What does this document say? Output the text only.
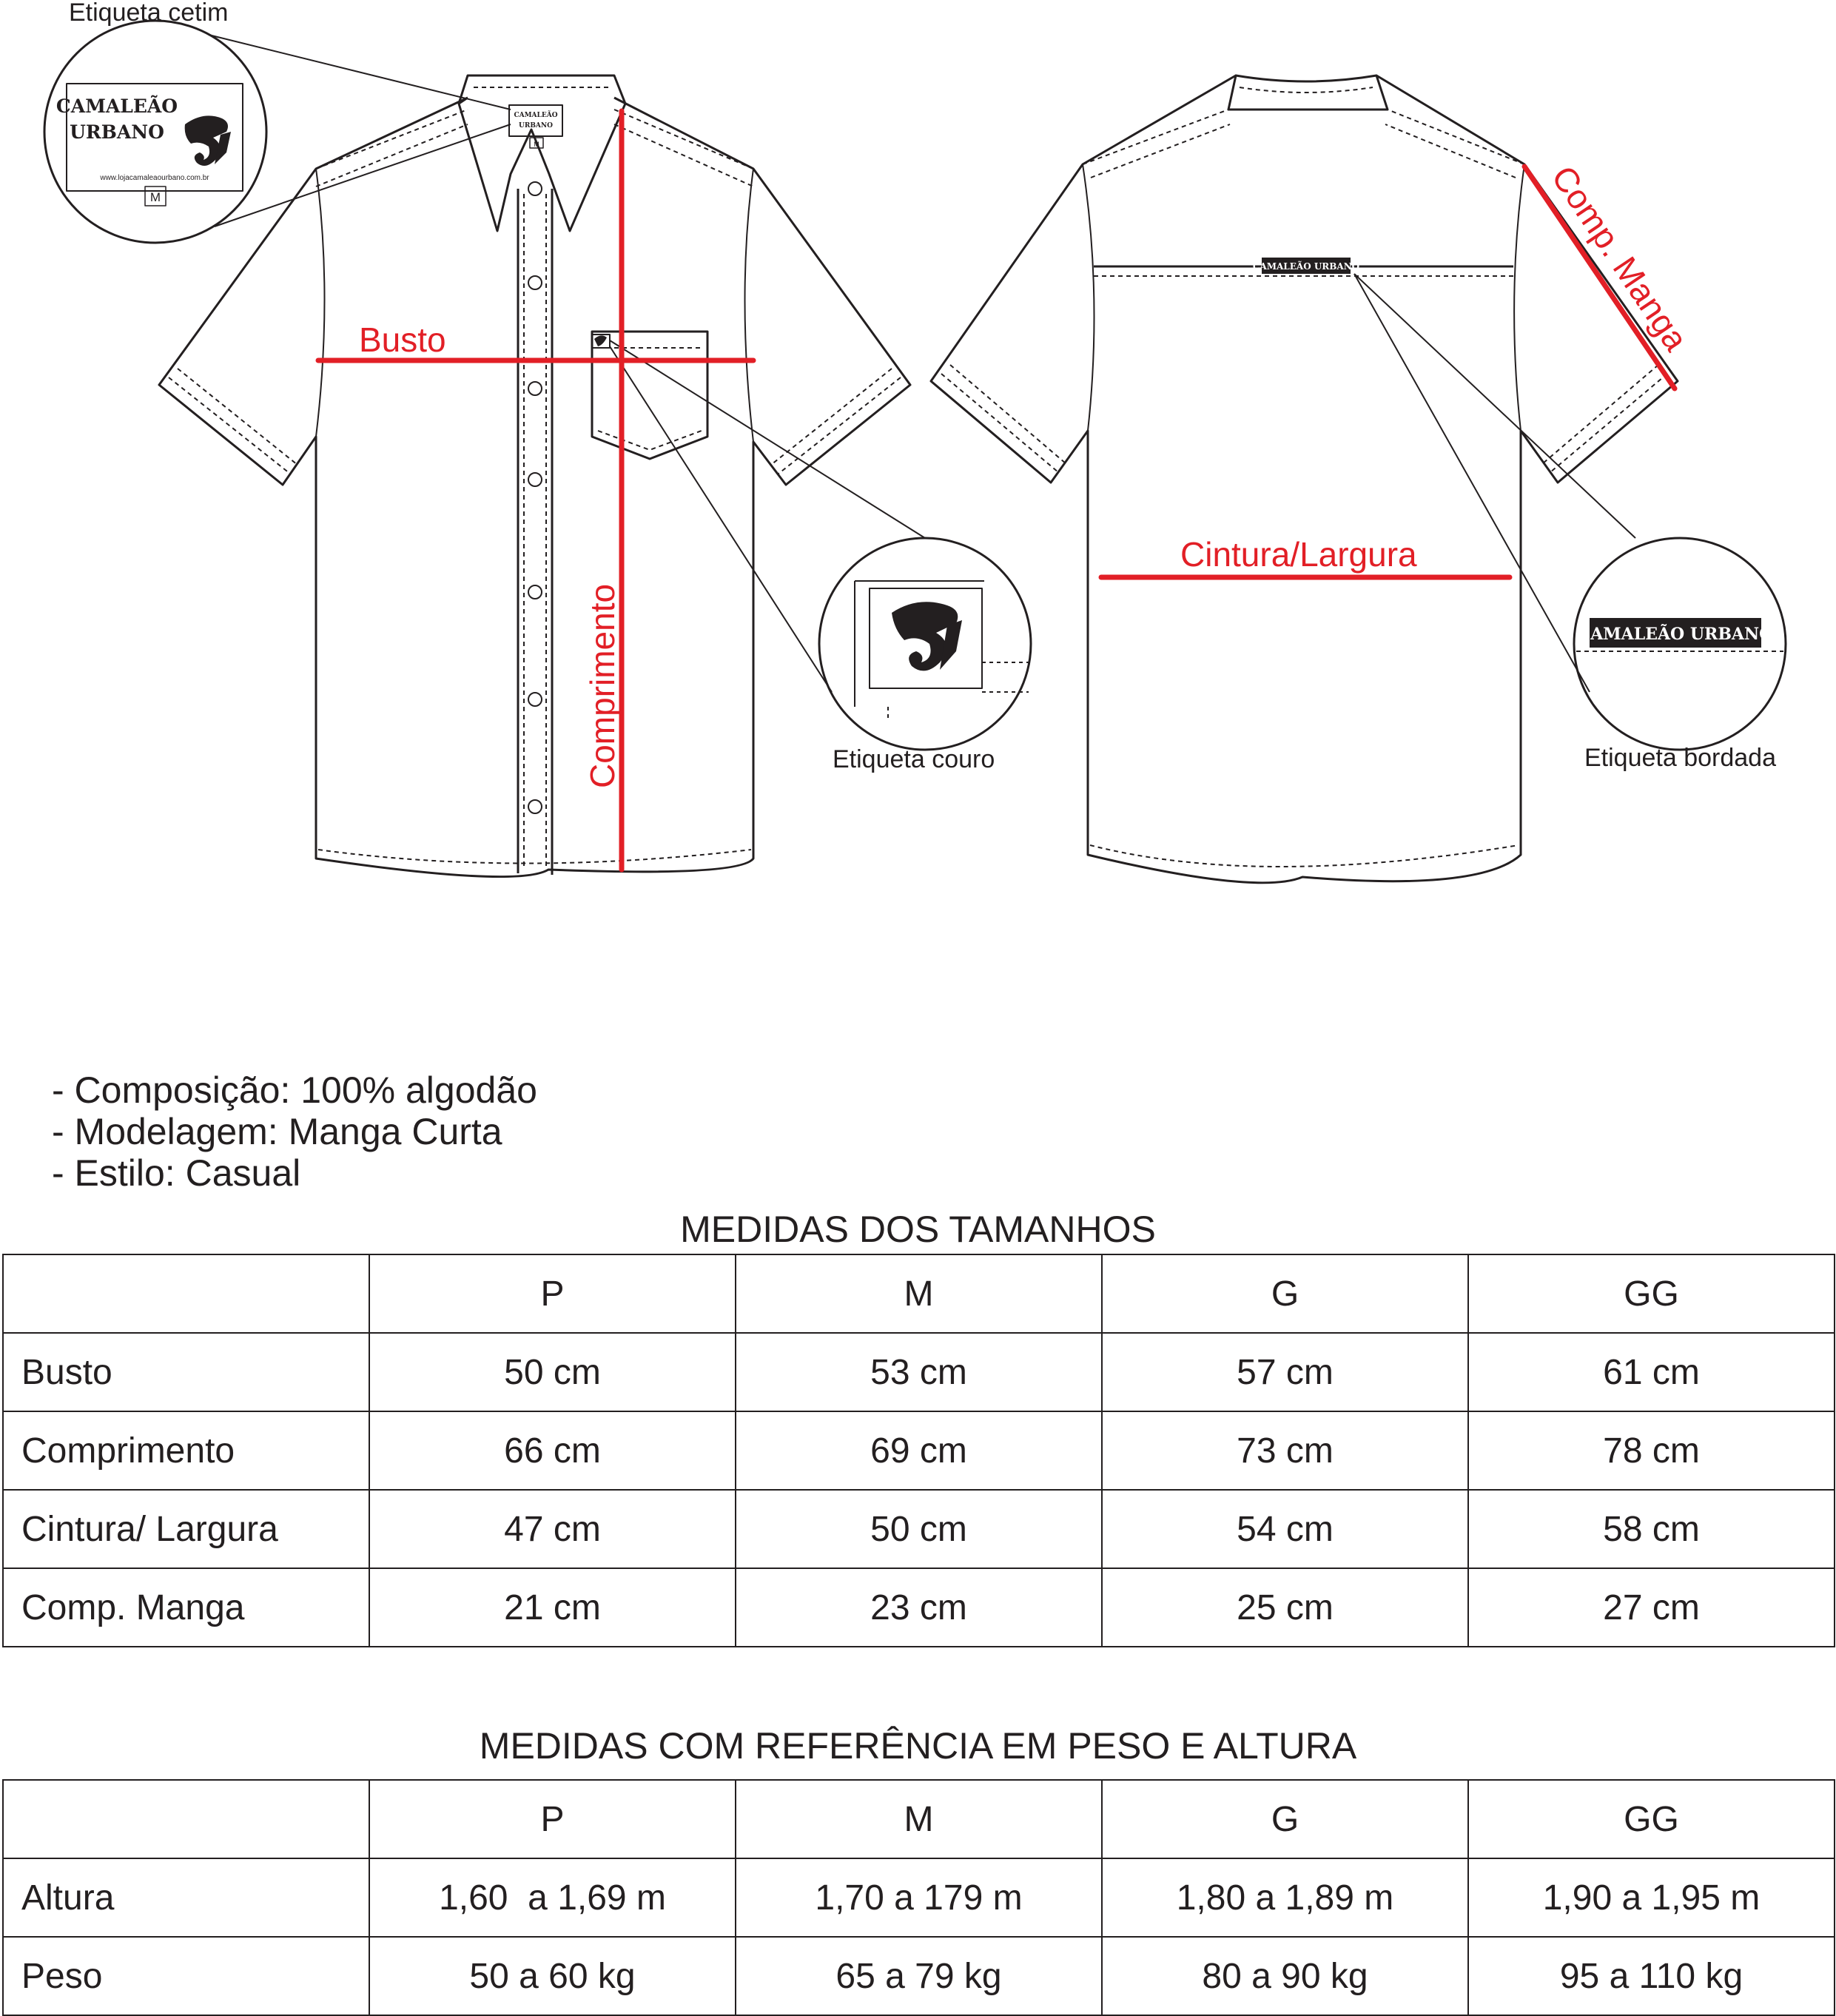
CAMALEÃO URBANO
CAMALEÃO URBANO
CAMALEÃO
URBANO
www.lojacamaleaourbano.com.br
M
CAMALEÃO
URBANO
M
Busto
Cintura/Largura
Comprimento
Comp. Manga
Etiqueta cetim
Etiqueta couro	Etiqueta bordada
- Composição: 100% algodão
- Modelagem: Manga Curta
- Estilo: Casual
MEDIDAS DOS TAMANHOS
	P	M	G	GG
Busto	50 cm	53 cm	57 cm	61 cm
Comprimento	66 cm	69 cm	73 cm	78 cm
Cintura/ Largura	47 cm	50 cm	54 cm	58 cm
Comp. Manga	21 cm	23 cm	25 cm	27 cm
MEDIDAS COM REFERÊNCIA EM PESO E ALTURA
	P	M	G	GG
Altura	1,60  a 1,69 m	1,70 a 179 m	1,80 a 1,89 m	1,90 a 1,95 m
Peso	50 a 60 kg	65 a 79 kg	80 a 90 kg	95 a 110 kg
